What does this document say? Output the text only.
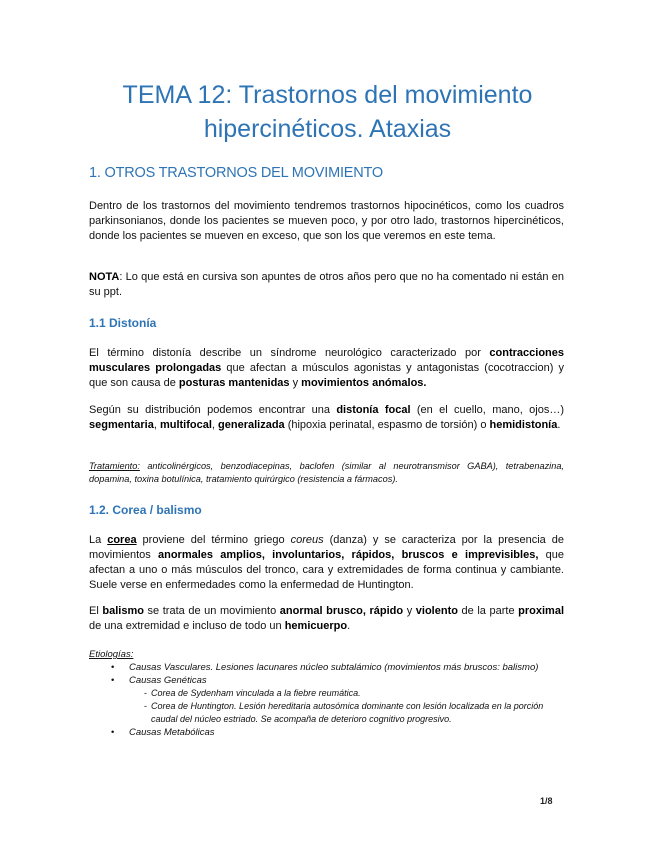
TEMA 12: Trastornos del movimiento
hipercinéticos. Ataxias
1. OTROS TRASTORNOS DEL MOVIMIENTO
Dentro de los trastornos del movimiento tendremos trastornos hipocinéticos, como los cuadros parkinsonianos, donde los pacientes se mueven poco, y por otro lado, trastornos hipercinéticos, donde los pacientes se mueven en exceso, que son los que veremos en este tema.
NOTA: Lo que está en cursiva son apuntes de otros años pero que no ha comentado ni están en su ppt.
1.1 Distonía
El término distonía describe un síndrome neurológico caracterizado por contracciones musculares prolongadas que afectan a músculos agonistas y antagonistas (cocotraccion) y que son causa de posturas mantenidas y movimientos anómalos.
Según su distribución podemos encontrar una distonía focal (en el cuello, mano, ojos…) segmentaria, multifocal, generalizada (hipoxia perinatal, espasmo de torsión) o hemidistonía.
Tratamiento: anticolinérgicos, benzodiacepinas, baclofen (similar al neurotransmisor GABA), tetrabenazina, dopamina, toxina botulínica, tratamiento quirúrgico (resistencia a fármacos).
1.2. Corea / balismo
La corea proviene del término griego coreus (danza) y se caracteriza por la presencia de movimientos anormales amplios, involuntarios, rápidos, bruscos e imprevisibles, que afectan a uno o más músculos del tronco, cara y extremidades de forma continua y cambiante. Suele verse en enfermedades como la enfermedad de Huntington.
El balismo se trata de un movimiento anormal brusco, rápido y violento de la parte proximal de una extremidad e incluso de todo un hemicuerpo.
Etiologías:
• Causas Vasculares. Lesiones lacunares núcleo subtalámico (movimientos más bruscos: balismo)
• Causas Genéticas
- Corea de Sydenham vinculada a la fiebre reumática.
- Corea de Huntington. Lesión hereditaria autosómica dominante con lesión localizada en la porción caudal del núcleo estriado. Se acompaña de deterioro cognitivo progresivo.
• Causas Metabólicas
1/8
